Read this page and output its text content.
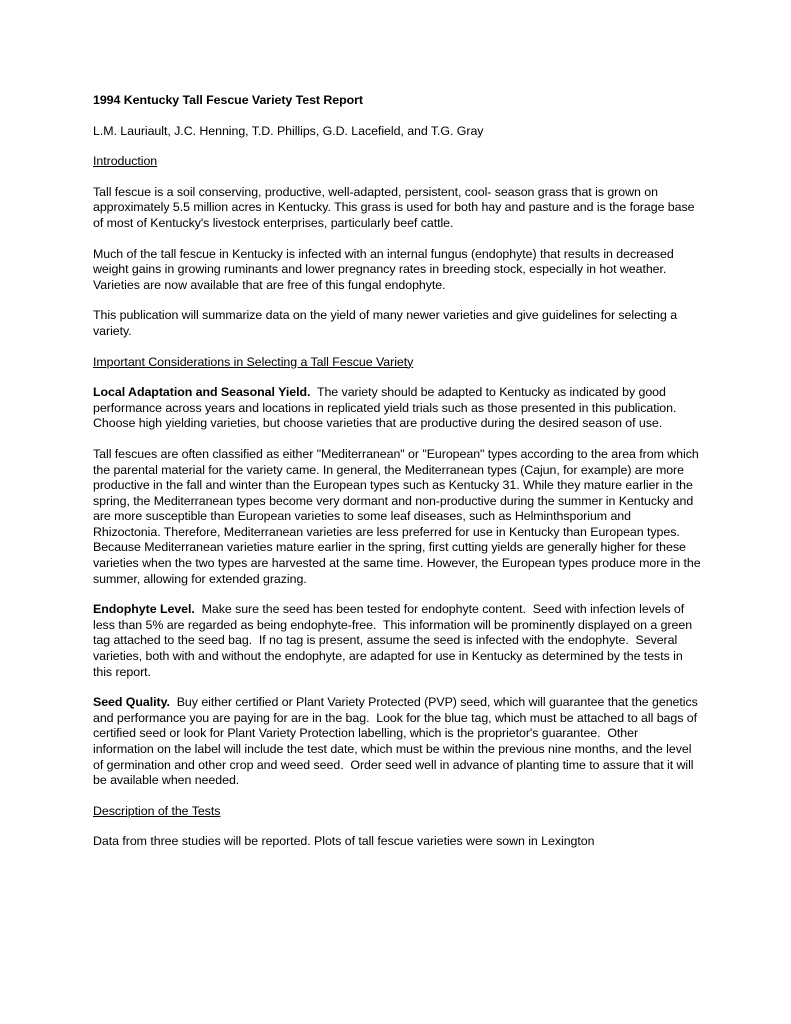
1994 Kentucky Tall Fescue Variety Test Report
L.M. Lauriault, J.C. Henning, T.D. Phillips, G.D. Lacefield, and T.G. Gray
Introduction

Tall fescue is a soil conserving, productive, well-adapted, persistent, cool- season grass that is grown on approximately 5.5 million acres in Kentucky. This grass is used for both hay and pasture and is the forage base of most of Kentucky's livestock enterprises, particularly beef cattle.

Much of the tall fescue in Kentucky is infected with an internal fungus (endophyte) that results in decreased weight gains in growing ruminants and lower pregnancy rates in breeding stock, especially in hot weather. Varieties are now available that are free of this fungal endophyte.

This publication will summarize data on the yield of many newer varieties and give guidelines for selecting a variety.

Important Considerations in Selecting a Tall Fescue Variety

Local Adaptation and Seasonal Yield.  The variety should be adapted to Kentucky as indicated by good performance across years and locations in replicated yield trials such as those presented in this publication.  Choose high yielding varieties, but choose varieties that are productive during the desired season of use.

Tall fescues are often classified as either "Mediterranean" or "European" types according to the area from which the parental material for the variety came. In general, the Mediterranean types (Cajun, for example) are more productive in the fall and winter than the European types such as Kentucky 31. While they mature earlier in the spring, the Mediterranean types become very dormant and non-productive during the summer in Kentucky and are more susceptible than European varieties to some leaf diseases, such as Helminthsporium and Rhizoctonia. Therefore, Mediterranean varieties are less preferred for use in Kentucky than European types. Because Mediterranean varieties mature earlier in the spring, first cutting yields are generally higher for these varieties when the two types are harvested at the same time. However, the European types produce more in the summer, allowing for extended grazing.

Endophyte Level.  Make sure the seed has been tested for endophyte content.  Seed with infection levels of less than 5% are regarded as being endophyte-free.  This information will be prominently displayed on a green tag attached to the seed bag.  If no tag is present, assume the seed is infected with the endophyte.  Several varieties, both with and without the endophyte, are adapted for use in Kentucky as determined by the tests in this report.

Seed Quality.  Buy either certified or Plant Variety Protected (PVP) seed, which will guarantee that the genetics and performance you are paying for are in the bag.  Look for the blue tag, which must be attached to all bags of certified seed or look for Plant Variety Protection labelling, which is the proprietor's guarantee.  Other information on the label will include the test date, which must be within the previous nine months, and the level of germination and other crop and weed seed.  Order seed well in advance of planting time to assure that it will be available when needed.

Description of the Tests

Data from three studies will be reported. Plots of tall fescue varieties were sown in Lexington
